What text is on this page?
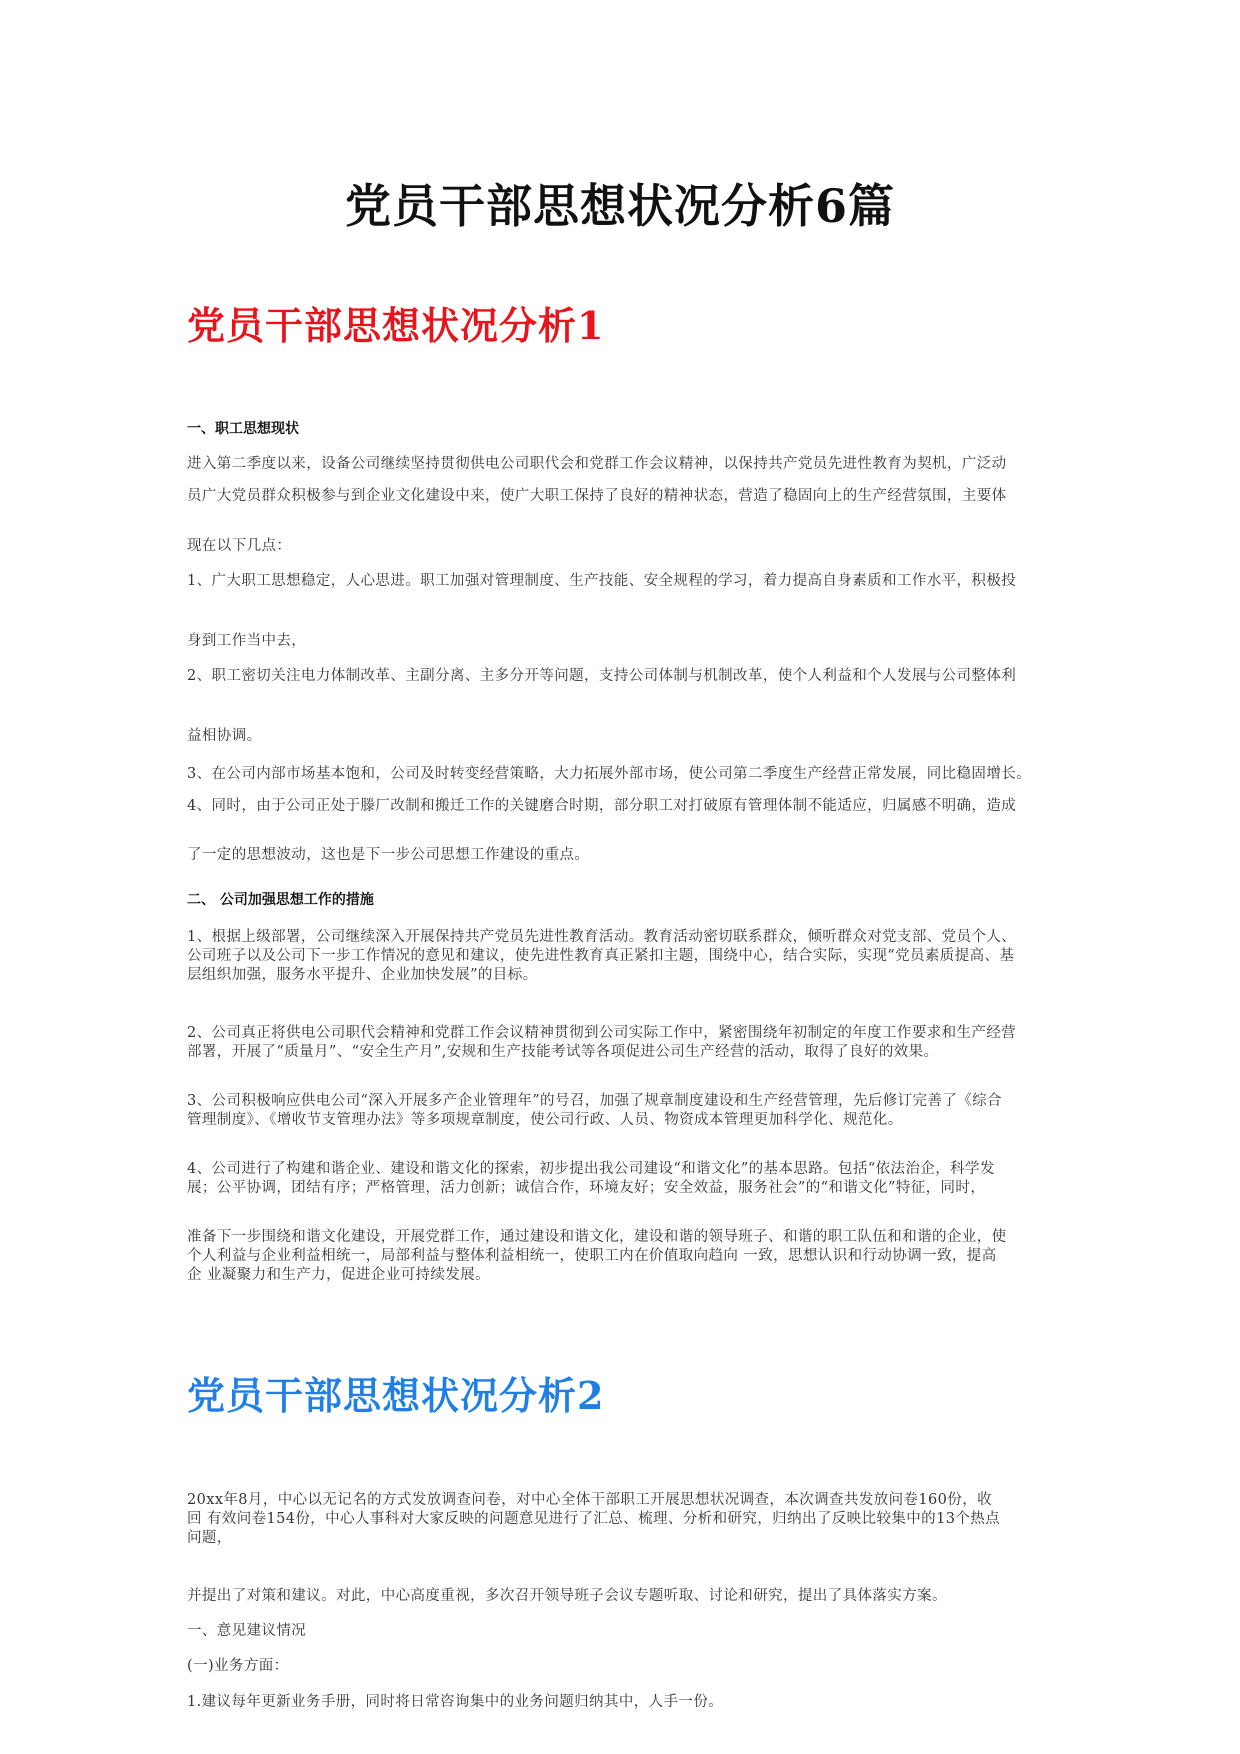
党员干部思想状况分析6篇
党员干部思想状况分析1
一、职工思想现状
进入第二季度以来，设备公司继续坚持贯彻供电公司职代会和党群工作会议精神，以保持共产党员先进性教育为契机，广泛动
员广大党员群众积极参与到企业文化建设中来，使广大职工保持了良好的精神状态，营造了稳固向上的生产经营氛围，主要体
现在以下几点：
1、广大职工思想稳定，人心思进。职工加强对管理制度、生产技能、安全规程的学习，着力提高自身素质和工作水平，积极投
身到工作当中去，
2、职工密切关注电力体制改革、主副分离、主多分开等问题，支持公司体制与机制改革，使个人利益和个人发展与公司整体利
益相协调。
3、在公司内部市场基本饱和，公司及时转变经营策略，大力拓展外部市场，使公司第二季度生产经营正常发展，同比稳固增长。
4、同时，由于公司正处于滕厂改制和搬迁工作的关键磨合时期，部分职工对打破原有管理体制不能适应，归属感不明确，造成
了一定的思想波动，这也是下一步公司思想工作建设的重点。
二、 公司加强思想工作的措施
1、根据上级部署，公司继续深入开展保持共产党员先进性教育活动。教育活动密切联系群众，倾听群众对党支部、党员个人、
公司班子以及公司下一步工作情况的意见和建议，使先进性教育真正紧扣主题，围绕中心，结合实际，实现“党员素质提高、基
层组织加强，服务水平提升、企业加快发展”的目标。
2、公司真正将供电公司职代会精神和党群工作会议精神贯彻到公司实际工作中，紧密围绕年初制定的年度工作要求和生产经营
部署，开展了“质量月”、“安全生产月”,安规和生产技能考试等各项促进公司生产经营的活动，取得了良好的效果。
3、公司积极响应供电公司“深入开展多产企业管理年”的号召，加强了规章制度建设和生产经营管理，先后修订完善了《综合
管理制度》、《增收节支管理办法》等多项规章制度，使公司行政、人员、物资成本管理更加科学化、规范化。
4、公司进行了构建和谐企业、建设和谐文化的探索，初步提出我公司建设“和谐文化”的基本思路。包括“依法治企，科学发
展；公平协调，团结有序；严格管理，活力创新；诚信合作，环境友好；安全效益，服务社会”的“和谐文化”特征，同时，
准备下一步围绕和谐文化建设，开展党群工作，通过建设和谐文化，建设和谐的领导班子、和谐的职工队伍和和谐的企业，使
个人利益与企业利益相统一，局部利益与整体利益相统一，使职工内在价值取向趋向 一致，思想认识和行动协调一致，提高
企 业凝聚力和生产力，促进企业可持续发展。
党员干部思想状况分析2
20xx年8月，中心以无记名的方式发放调查问卷，对中心全体干部职工开展思想状况调查，本次调查共发放问卷160份，收
回 有效问卷154份，中心人事科对大家反映的问题意见进行了汇总、梳理、分析和研究，归纳出了反映比较集中的13个热点
问题，
并提出了对策和建议。对此，中心高度重视，多次召开领导班子会议专题听取、讨论和研究，提出了具体落实方案。
一、意见建议情况
(一)业务方面：
1.建议每年更新业务手册，同时将日常咨询集中的业务问题归纳其中，人手一份。
